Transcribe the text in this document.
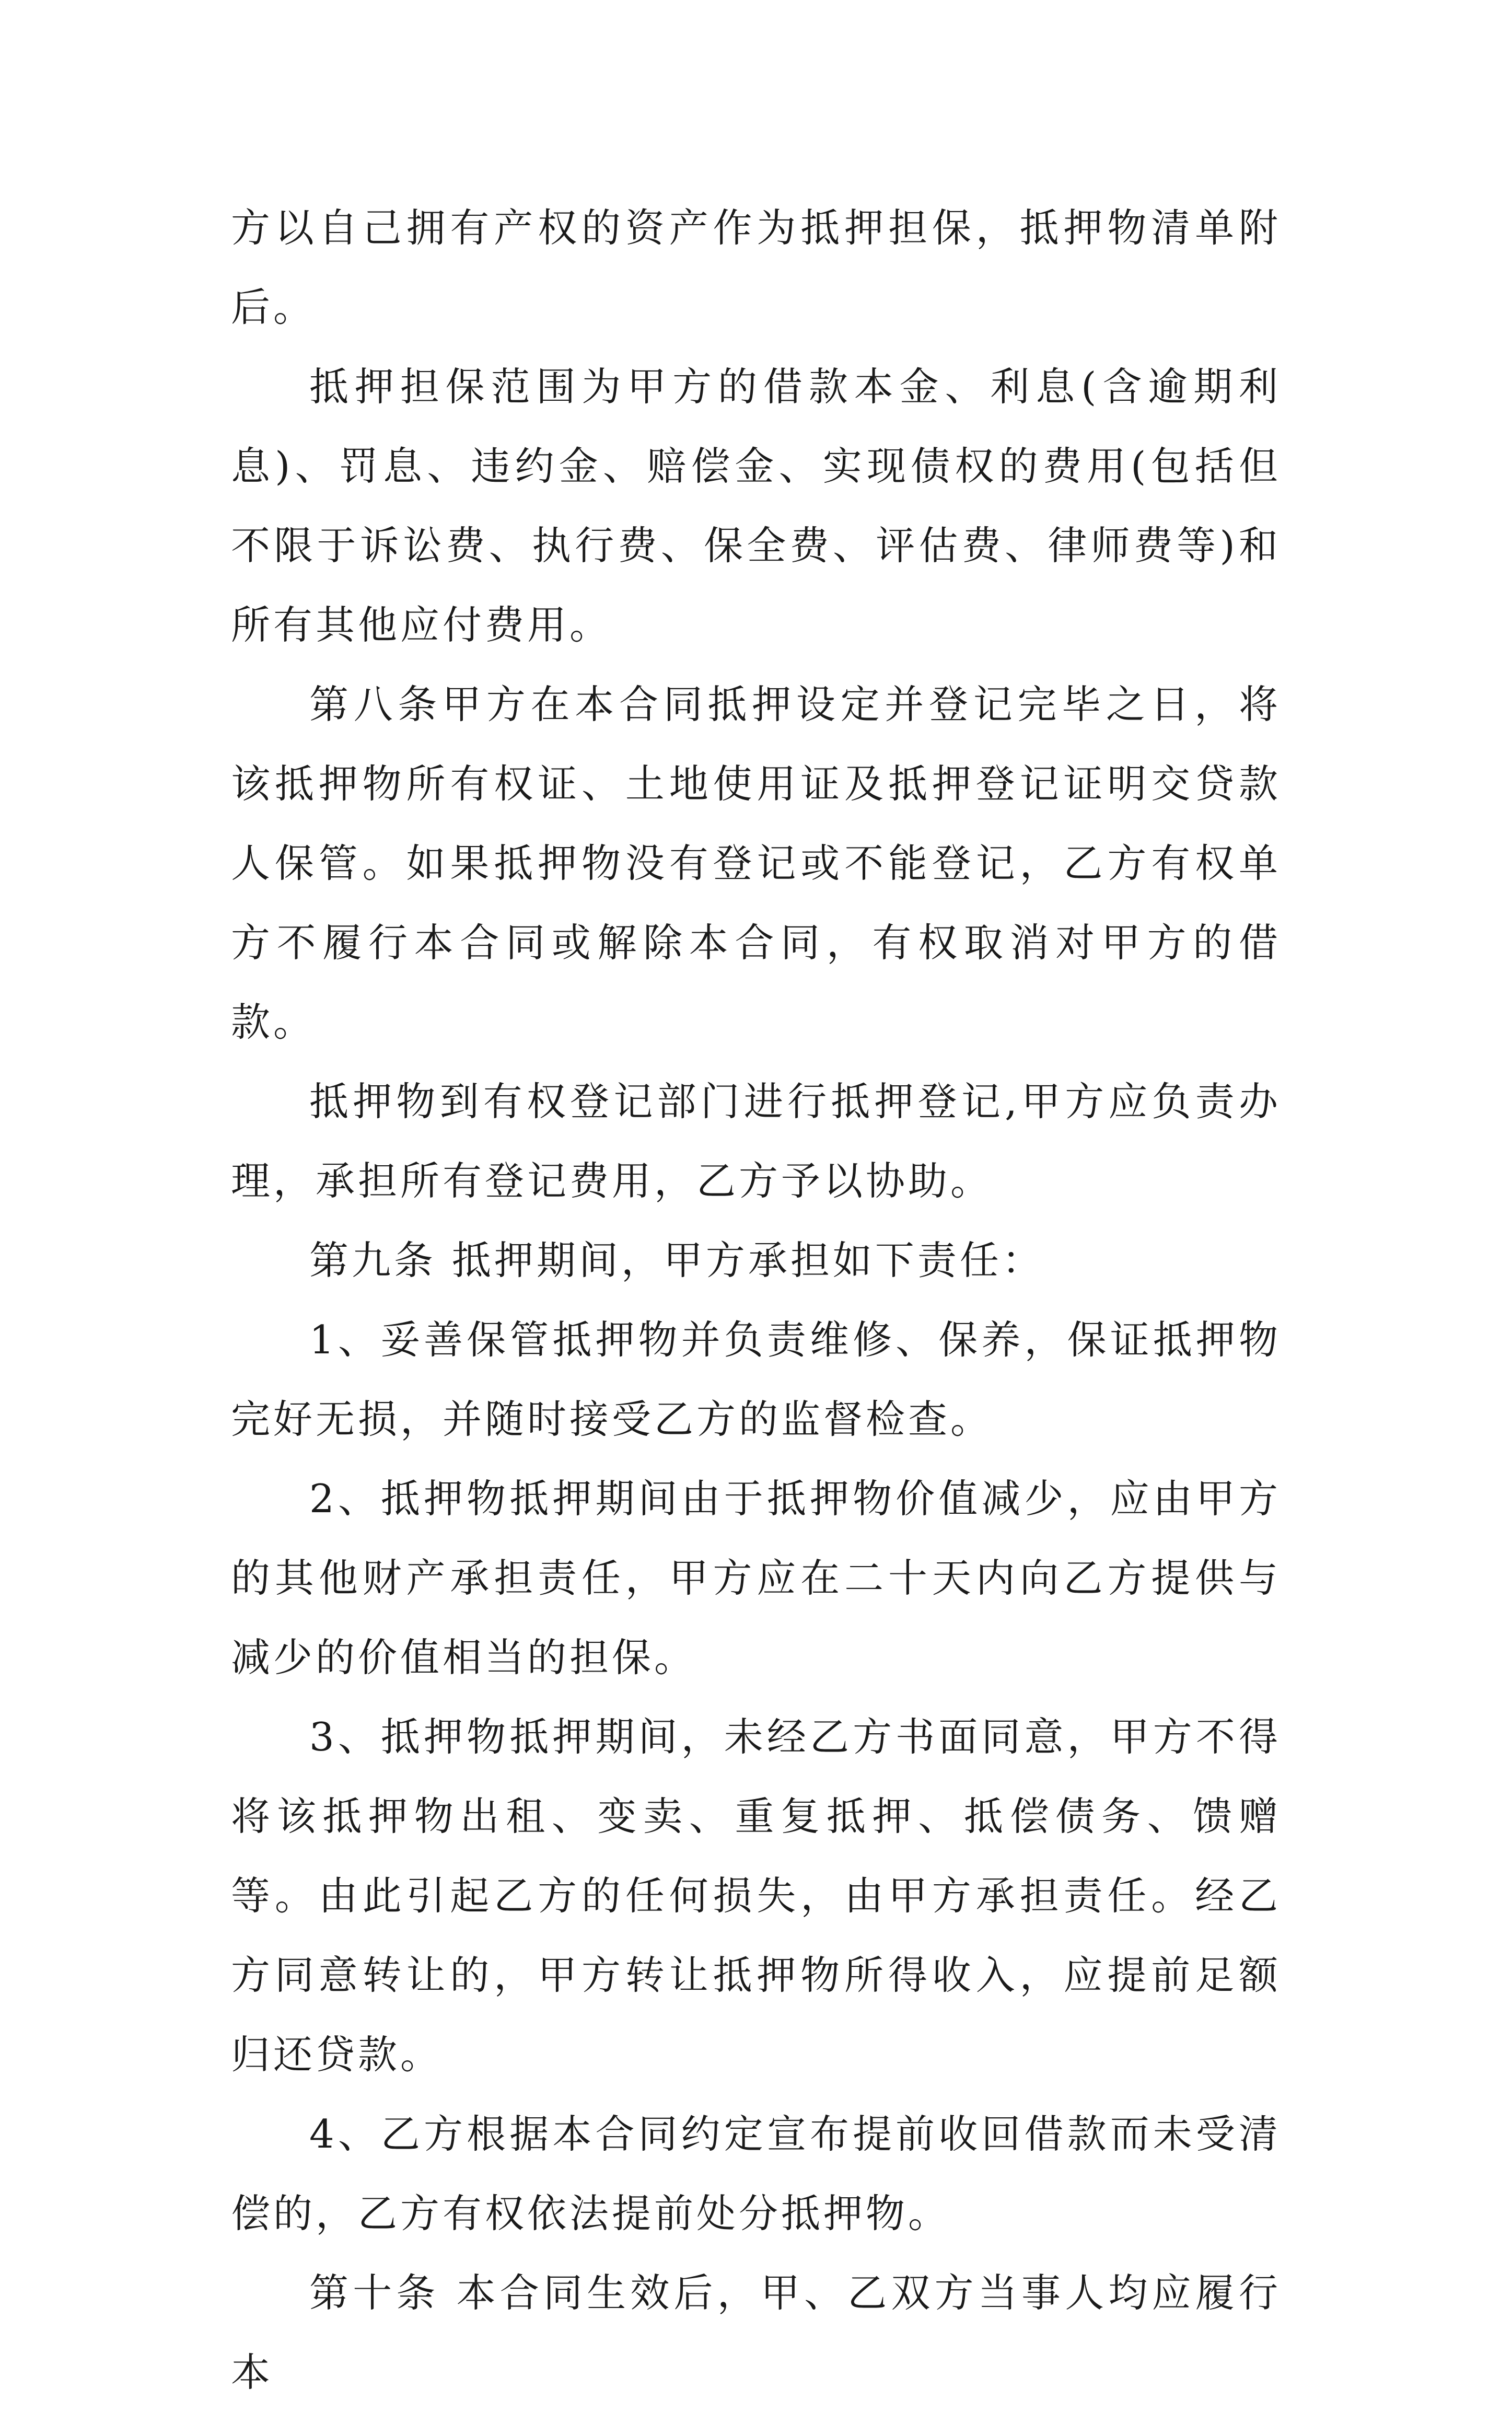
方以自己拥有产权的资产作为抵押担保，抵押物清单附后。

抵押担保范围为甲方的借款本金、利息(含逾期利息)、罚息、违约金、赔偿金、实现债权的费用(包括但不限于诉讼费、执行费、保全费、评估费、律师费等)和所有其他应付费用。

第八条甲方在本合同抵押设定并登记完毕之日，将该抵押物所有权证、土地使用证及抵押登记证明交贷款人保管。如果抵押物没有登记或不能登记，乙方有权单方不履行本合同或解除本合同，有权取消对甲方的借款。

抵押物到有权登记部门进行抵押登记,甲方应负责办理，承担所有登记费用，乙方予以协助。

第九条 抵押期间，甲方承担如下责任：

1、妥善保管抵押物并负责维修、保养，保证抵押物完好无损，并随时接受乙方的监督检查。

2、抵押物抵押期间由于抵押物价值减少，应由甲方的其他财产承担责任，甲方应在二十天内向乙方提供与减少的价值相当的担保。

3、抵押物抵押期间，未经乙方书面同意，甲方不得将该抵押物出租、变卖、重复抵押、抵偿债务、馈赠等。由此引起乙方的任何损失，由甲方承担责任。经乙方同意转让的，甲方转让抵押物所得收入，应提前足额归还贷款。

4、乙方根据本合同约定宣布提前收回借款而未受清偿的，乙方有权依法提前处分抵押物。

第十条 本合同生效后，甲、乙双方当事人均应履行本
